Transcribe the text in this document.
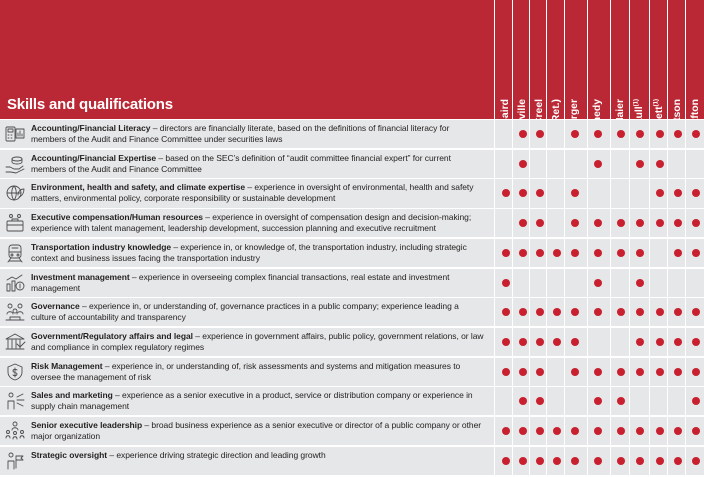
Skills and qualifications	$^{(1)}$	$^{(1)}$
Accounting/Financial Literacy – directors are financially literate, based on the definitions of financial literacy for members of the Audit and Finance Committee under securities laws
Accounting/Financial Expertise – based on the SEC’s definition of “audit committee financial expert” for current members of the Audit and Finance Committee
Environment, health and safety, and climate expertise – experience in oversight of environmental, health and safety matters, environmental policy, corporate responsibility or sustainable development
Executive compensation/Human resources – experience in oversight of compensation design and decision-making; experience with talent management, leadership development, succession planning and executive recruitment
Transportation industry knowledge – experience in, or knowledge of, the transportation industry, including strategic context and business issues facing the transportation industry
Investment management – experience in overseeing complex financial transactions, real estate and investment management
Governance – experience in, or understanding of, governance practices in a public company; experience leading a culture of accountability and transparency
Government/Regulatory affairs and legal – experience in government affairs, public policy, government relations, or law and compliance in complex regulatory regimes
Risk Management – experience in, or understanding of, risk assessments and systems and mitigation measures to oversee the management of risk
Sales and marketing – experience as a senior executive in a product, service or distribution company or experience in supply chain management
Senior executive leadership – broad business experience as a senior executive or director of a public company or other major organization
Strategic oversight – experience driving strategic direction and leading growth
